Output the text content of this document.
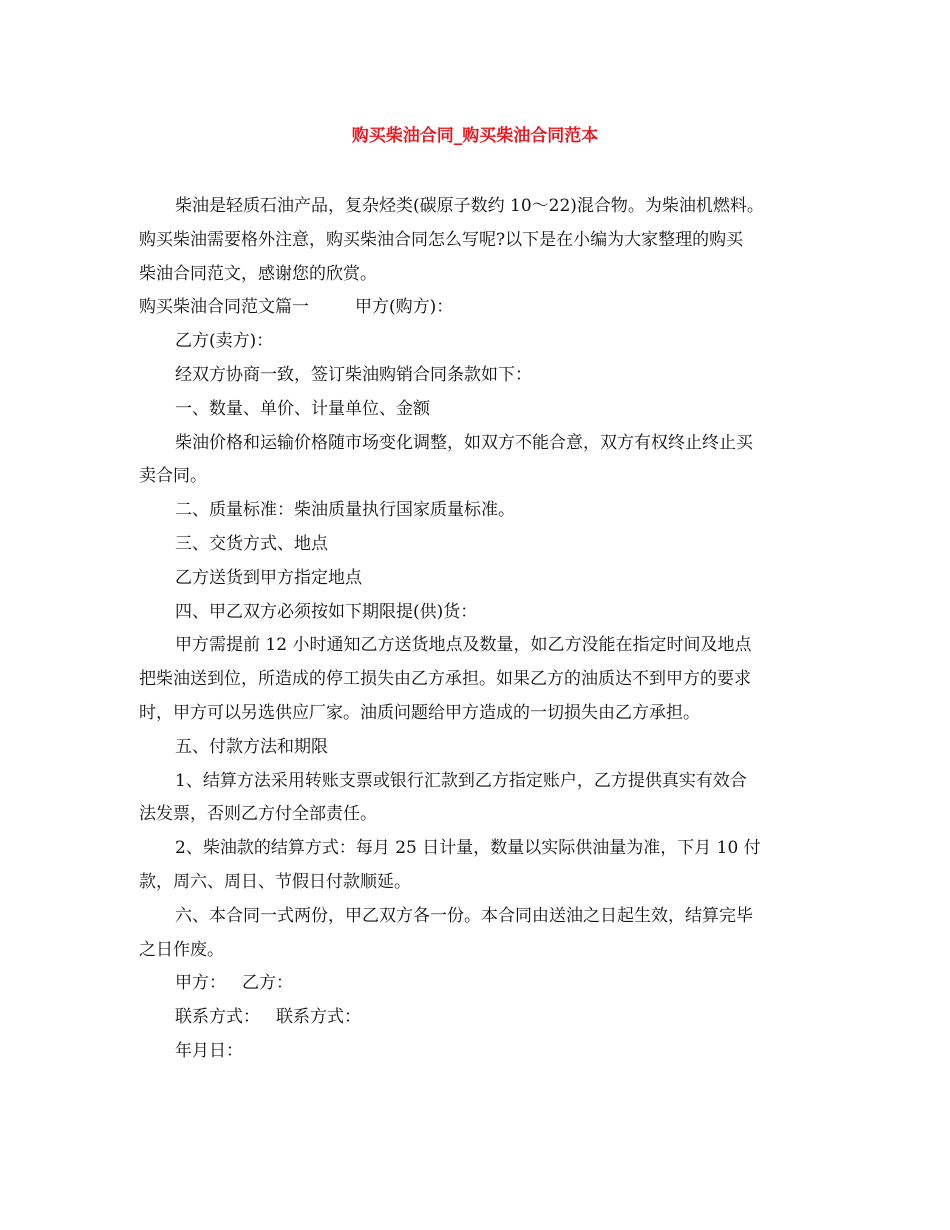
购买柴油合同_购买柴油合同范本

柴油是轻质石油产品，复杂烃类(碳原子数约 10～22)混合物。为柴油机燃料。

购买柴油需要格外注意，购买柴油合同怎么写呢?以下是在小编为大家整理的购买

柴油合同范文，感谢您的欣赏。

购买柴油合同范文篇一	甲方(购方)：

乙方(卖方)：

经双方协商一致，签订柴油购销合同条款如下：

一、数量、单价、计量单位、金额

柴油价格和运输价格随市场变化调整，如双方不能合意，双方有权终止终止买

卖合同。

二、质量标准：柴油质量执行国家质量标准。

三、交货方式、地点

乙方送货到甲方指定地点

四、甲乙双方必须按如下期限提(供)货：

甲方需提前 12 小时通知乙方送货地点及数量，如乙方没能在指定时间及地点

把柴油送到位，所造成的停工损失由乙方承担。如果乙方的油质达不到甲方的要求

时，甲方可以另选供应厂家。油质问题给甲方造成的一切损失由乙方承担。

五、付款方法和期限

1、结算方法采用转账支票或银行汇款到乙方指定账户，乙方提供真实有效合

法发票，否则乙方付全部责任。

2、柴油款的结算方式：每月 25 日计量，数量以实际供油量为准，下月 10 付

款，周六、周日、节假日付款顺延。

六、本合同一式两份，甲乙双方各一份。本合同由送油之日起生效，结算完毕

之日作废。

甲方： 乙方：

联系方式： 联系方式：

年月日：
